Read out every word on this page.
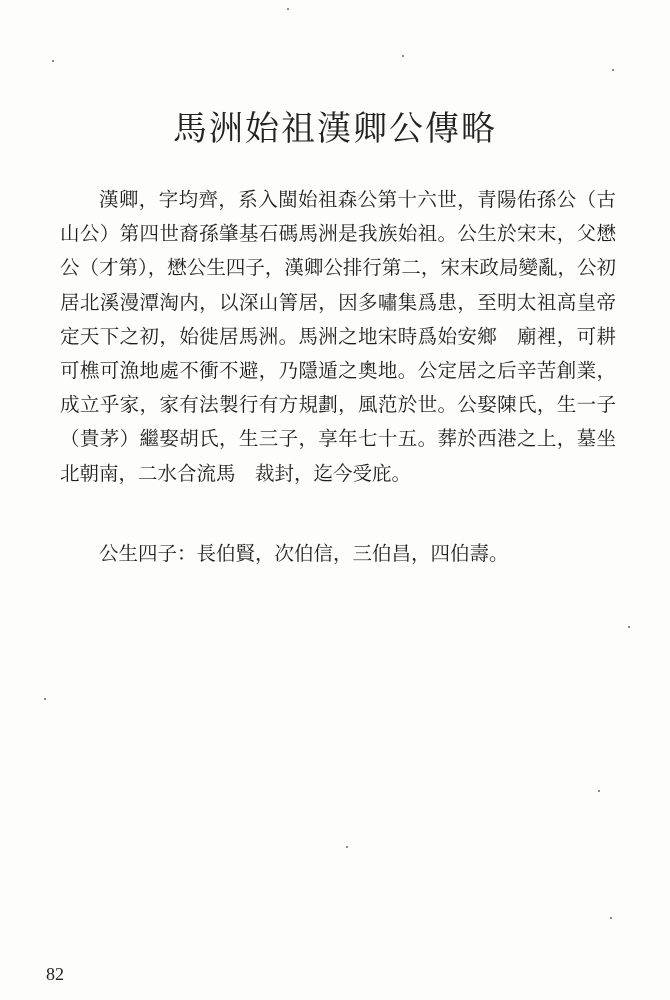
馬洲始祖漢卿公傳略

漢卿，字均齊，系入閩始祖森公第十六世，青陽佑孫公（古山公）第四世裔孫肇基石碼馬洲是我族始祖。公生於宋末，父懋公（才第），懋公生四子，漢卿公排行第二，宋末政局變亂，公初居北溪漫潭淘内，以深山箐居，因多嘯集爲患，至明太祖高皇帝定天下之初，始徙居馬洲。馬洲之地宋時爲始安鄉　廟裡，可耕可樵可漁地處不衝不避，乃隱遁之奧地。公定居之后辛苦創業，成立乎家，家有法製行有方規劃，風范於世。公娶陳氏，生一子（貴茅）繼娶胡氏，生三子，享年七十五。葬於西港之上，墓坐北朝南，二水合流馬　裁封，迄今受庇。

公生四子：長伯賢，次伯信，三伯昌，四伯壽。

82
